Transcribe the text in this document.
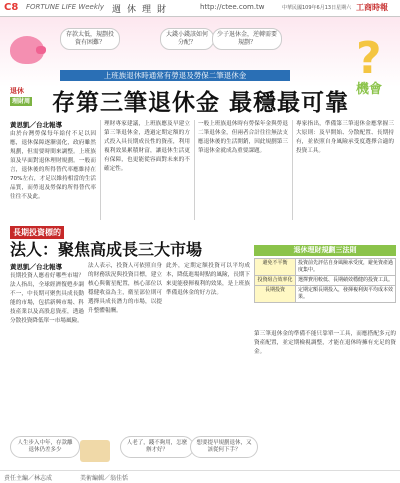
C8 FORTUNE LIFE Weekly 週休理財	http://ctee.com.tw	中華民國109年6月13日星期六 工商時報
存款太低，規劃投資有困難？
大錢小錢該如何分配？
少子退休金，逆轉需要規劃？	?
機會
上班族退休時通常有勞退及勞保二筆退休金
退休
理財周 存第三筆退休金 最穩最可靠
黃思凱／台北報導
由於台灣勞保每年給付不足以因應，退休保障逐漸弱化，政府雖然規劃，但需要時間來調整。上班族須及早面對退休理財規劃。一般而言，退休後的所得替代率應維持在70%左右，才足以維持相當的生活品質，而勞退及勞保的所得替代率往往不及此。
理財專家建議，上班族應及早建立第三筆退休金，透過定期定額的方式投入具長期成長性的資產，利用複利效果累積財富，讓退休生活更有保障，也更能從容面對未來的不確定性。
一般上班族退休時有勞保年金與勞退二筆退休金，但兩者合計往往無法支應退休後的生活開銷，因此規劃第三筆退休金就成為重要課題。
專家指出，準備第三筆退休金應掌握三大原則：及早開始、分散配置、長期持有，並依照自身風險承受度選擇合適的投資工具。
長期投資標的
法人：聚焦高成長三大市場
黃思凱／台北報導
長期投資人應看好哪些市場？法人指出，全球經濟復甦步調不一，中長期可聚焦具成長動能的市場，包括新興市場、科技產業以及高股息資產，透過分散投資降低單一市場風險。
法人表示，投資人可依照自身的財務狀況與投資目標，建立核心與衛星配置，核心部位以穩健收益為主，衛星部位則可選擇具成長潛力的市場，以提升整體報酬。
此外，定期定額投資可以平均成本，降低進場時點的風險，長期下來更能發揮複利的效果，是上班族準備退休金的好方法。
退休理財規劃三法則
避免不平衡	投資前先評估自身風險承受度，避免資產過度集中。
投資組合效率化	選擇費用較低、長期績效穩健的投資工具。
長期投資	定期定額長期投入，發揮複利與平均成本效果。
第三筆退休金的準備不能只靠單一工具，而應搭配多元的資產配置，並定期檢視調整，才能在退休時擁有充足的資金。
人生步入中年，存款離退休仍差多少
人老了，錢不夠用，怎麼辦才好？
想要提早規劃退休，又該從何下手？
責任主編／林志成	美術編輯／翁佳恬
